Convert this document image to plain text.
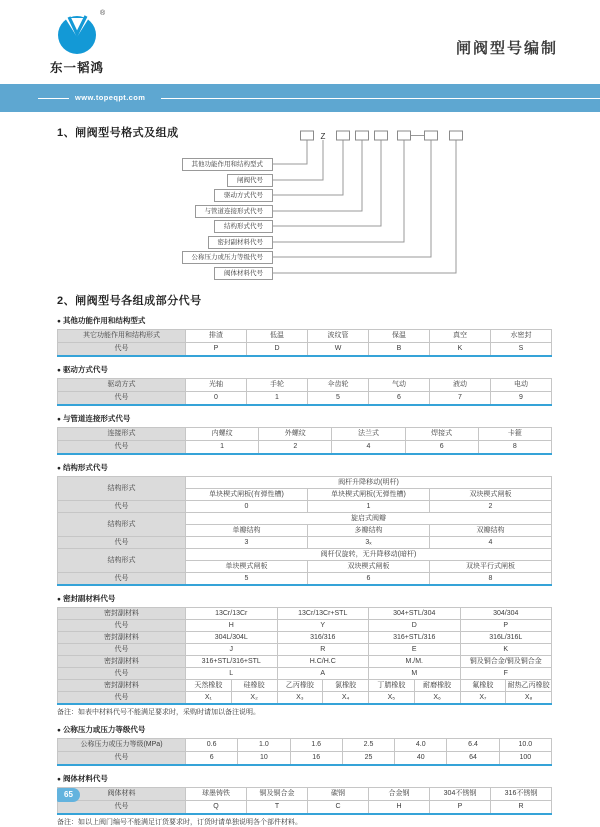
®
东一韬鸿
闸阀型号编制
www.topeqpt.com
1、闸阀型号格式及组成	Z
其他功能作用和结构型式
闸阀代号
驱动方式代号
与管道连接形式代号
结构形式代号
密封副材料代号
公称压力或压力等级代号
阀体材料代号
2、闸阀型号各组成部分代号
● 其他功能作用和结构型式
其它功能作用和结构形式	排渣	低温	波纹管	保温	真空	水密封
代号	P	D	W	B	K	S
● 驱动方式代号
驱动方式	光轴	手轮	伞齿轮	气动	液动	电动
代号	0	1	5	6	7	9
● 与管道连接形式代号
连接形式	内螺纹	外螺纹	法兰式	焊接式	卡箍
代号	1	2	4	6	8
● 结构形式代号
结构形式	阀杆升降移动(明杆)		
	单块楔式闸板(有弹性槽)	单块楔式闸板(无弹性槽)	双块楔式闸板
代号	0	1	2
结构形式	旋启式阀瓣		
	单瓣结构	多瓣结构	双瓣结构
代号	3	3ₓ	4
结构形式	阀杆仅旋转，无升降移动(暗杆)		
	单块楔式闸板	双块楔式闸板	双块平行式闸板
代号	5	6	8
● 密封副材料代号
密封副材料	13Cr/13Cr		13Cr/13Cr+STL		304+STL/304		304/304	
代号	H		Y		D		P	
密封副材料	304L/304L		316/316		316+STL/316		316L/316L	
代号	J		R		E		K	
密封副材料	316+STL/316+STL		H.C/H.C		M./M.		铜及铜合金/铜及铜合金	
代号	L		A		M		F	
密封副材料	天然橡胶	硅橡胶	乙丙橡胶	氯橡胶	丁腈橡胶	耐磨橡胶	氟橡胶	耐热乙丙橡胶
代号	X₁	X₂	X₃	X₄	X₅	X₆	X₇	X₈
备注：如表中材料代号不能满足要求时，采购时请加以备注说明。
● 公称压力或压力等级代号
公称压力或压力等级(MPa)	0.6	1.0	1.6	2.5	4.0	6.4	10.0
代号	6	10	16	25	40	64	100
● 阀体材料代号
阀体材料	球墨铸铁	铜及铜合金	碳钢	合金钢	304不锈钢	316不锈钢
代号	Q	T	C	H	P	R
备注：如以上阀门编号不能满足订货要求时，订货时请单独说明各个部件材料。
65
